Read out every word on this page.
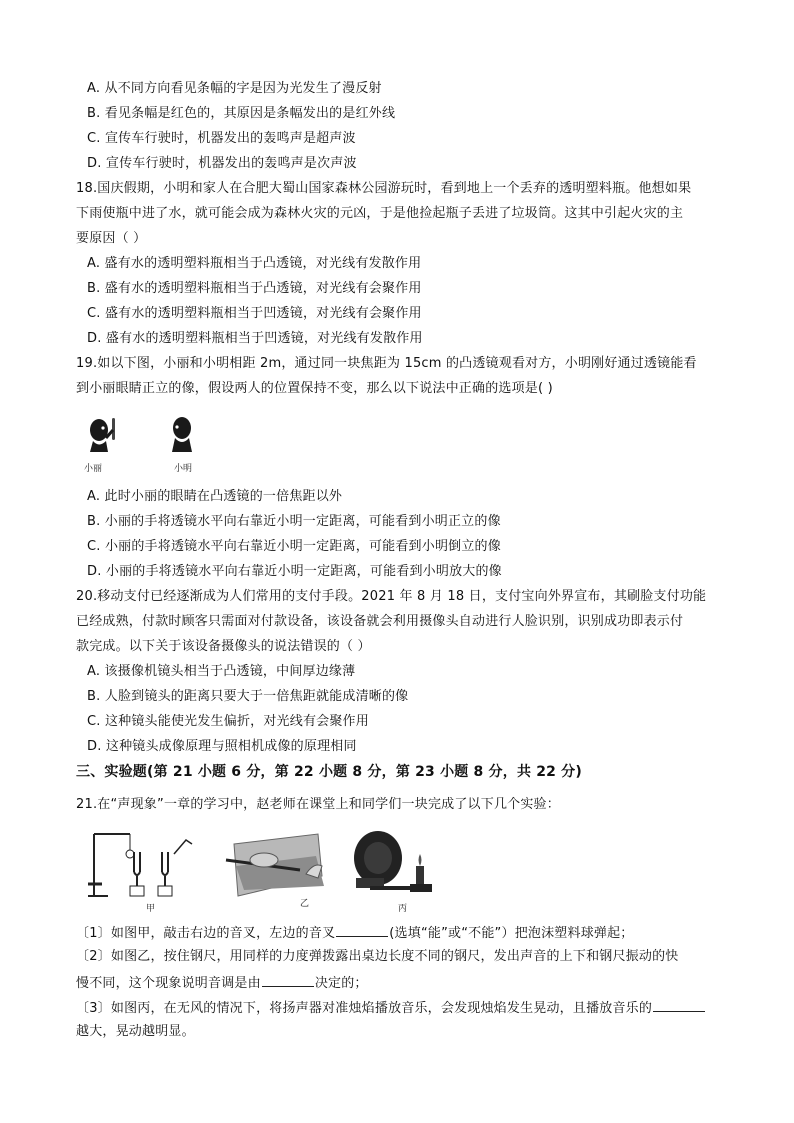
A. 从不同方向看见条幅的字是因为光发生了漫反射
B. 看见条幅是红色的，其原因是条幅发出的是红外线
C. 宣传车行驶时，机器发出的轰鸣声是超声波
D. 宣传车行驶时，机器发出的轰鸣声是次声波
18.国庆假期，小明和家人在合肥大蜀山国家森林公园游玩时，看到地上一个丢弃的透明塑料瓶。他想如果
下雨使瓶中进了水，就可能会成为森林火灾的元凶，于是他捡起瓶子丢进了垃圾筒。这其中引起火灾的主
要原因（ ）
A. 盛有水的透明塑料瓶相当于凸透镜，对光线有发散作用
B. 盛有水的透明塑料瓶相当于凸透镜，对光线有会聚作用
C. 盛有水的透明塑料瓶相当于凹透镜，对光线有会聚作用
D. 盛有水的透明塑料瓶相当于凹透镜，对光线有发散作用
19.如以下图，小丽和小明相距 2m，通过同一块焦距为 15cm 的凸透镜观看对方，小明刚好通过透镜能看
到小丽眼睛正立的像，假设两人的位置保持不变，那么以下说法中正确的选项是( )
小丽	小明
A. 此时小丽的眼睛在凸透镜的一倍焦距以外
B. 小丽的手将透镜水平向右靠近小明一定距离，可能看到小明正立的像
C. 小丽的手将透镜水平向右靠近小明一定距离，可能看到小明倒立的像
D. 小丽的手将透镜水平向右靠近小明一定距离，可能看到小明放大的像
20.移动支付已经逐渐成为人们常用的支付手段。2021 年 8 月 18 日，支付宝向外界宣布，其刷脸支付功能
已经成熟，付款时顾客只需面对付款设备，该设备就会利用摄像头自动进行人脸识别，识别成功即表示付
款完成。以下关于该设备摄像头的说法错误的（ ）
A. 该摄像机镜头相当于凸透镜，中间厚边缘薄
B. 人脸到镜头的距离只要大于一倍焦距就能成清晰的像
C. 这种镜头能使光发生偏折，对光线有会聚作用
D. 这种镜头成像原理与照相机成像的原理相同
三、实验题(第 21 小题 6 分，第 22 小题 8 分，第 23 小题 8 分，共 22 分)
21.在“声现象”一章的学习中，赵老师在课堂上和同学们一块完成了以下几个实验：
甲	乙	丙
〔1〕如图甲，敲击右边的音叉，左边的音叉	(选填“能”或“不能”）把泡沫塑料球弹起；
〔2〕如图乙，按住钢尺，用同样的力度弹拨露出桌边长度不同的钢尺，发出声音的上下和钢尺振动的快
慢不同，这个现象说明音调是由	决定的；
〔3〕如图丙，在无风的情况下，将扬声器对准烛焰播放音乐，会发现烛焰发生晃动，且播放音乐的
越大，晃动越明显。
